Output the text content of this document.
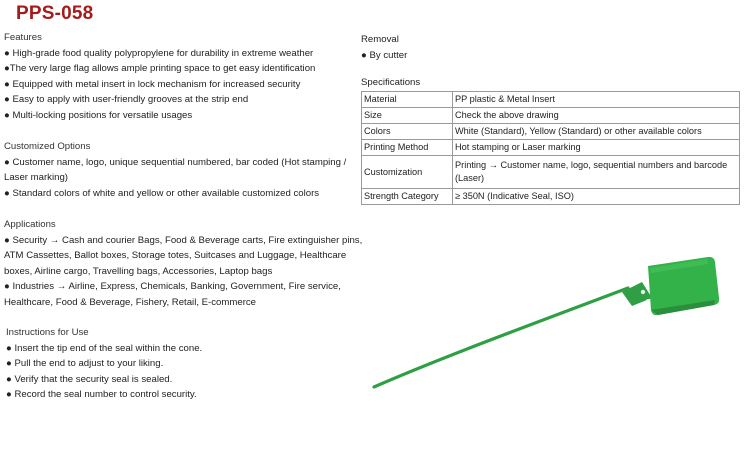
PPS-058
Features
● High-grade food quality polypropylene for durability in extreme weather
●The very large flag allows ample printing space to get easy identification
● Equipped with metal insert in lock mechanism for increased security
● Easy to apply with user-friendly grooves at the strip end
● Multi-locking positions for versatile usages
Customized Options
● Customer name, logo, unique sequential numbered, bar coded (Hot stamping /
Laser marking)
● Standard colors of white and yellow or other available customized colors
Applications
● Security → Cash and courier Bags, Food & Beverage carts, Fire extinguisher pins,
ATM Cassettes, Ballot boxes, Storage totes, Suitcases and Luggage, Healthcare
boxes, Airline cargo, Travelling bags, Accessories, Laptop bags
● Industries → Airline, Express, Chemicals, Banking, Government, Fire service,
Healthcare, Food & Beverage, Fishery, Retail, E-commerce
Instructions for Use
● Insert the tip end of the seal within the cone.
● Pull the end to adjust to your liking.
● Verify that the security seal is sealed.
● Record the seal number to control security.
Removal
● By cutter
Specifications
Material	PP plastic & Metal Insert
Size	Check the above drawing
Colors	White (Standard), Yellow (Standard) or other available colors
Printing Method	Hot stamping or Laser marking
Customization	Printing → Customer name, logo, sequential numbers and barcode (Laser)
Strength Category	≥ 350N (Indicative Seal, ISO)
